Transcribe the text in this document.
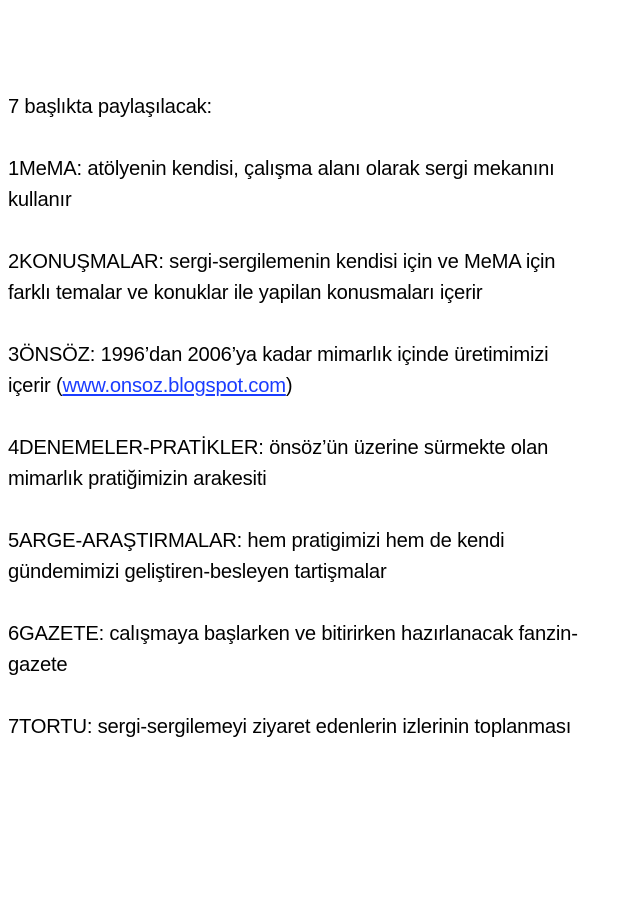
7 başlıkta paylaşılacak:
1MeMA: atölyenin kendisi, çalışma alanı olarak sergi mekanını
kullanır
2KONUŞMALAR: sergi-sergilemenin kendisi için ve MeMA için
farklı temalar ve konuklar ile yapilan konusmaları içerir
3ÖNSÖZ: 1996’dan 2006’ya kadar mimarlık içinde üretimimizi
içerir (www.onsoz.blogspot.com)
4DENEMELER-PRATİKLER: önsöz’ün üzerine sürmekte olan
mimarlık pratiğimizin arakesiti
5ARGE-ARAŞTIRMALAR: hem pratigimizi hem de kendi
gündemimizi geliştiren-besleyen tartişmalar
6GAZETE: calışmaya başlarken ve bitirirken hazırlanacak fanzin-
gazete
7TORTU: sergi-sergilemeyi ziyaret edenlerin izlerinin toplanması
